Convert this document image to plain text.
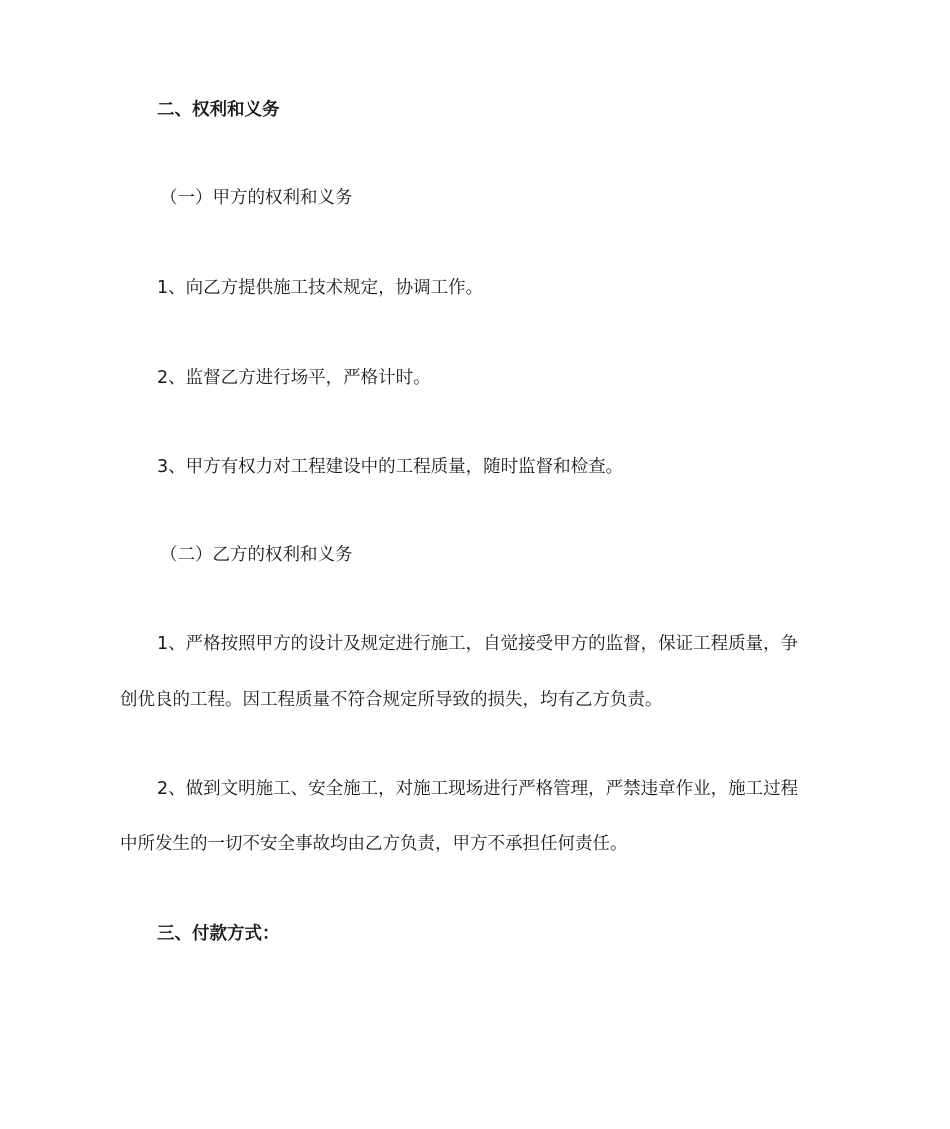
二、权利和义务
（一）甲方的权利和义务
1、向乙方提供施工技术规定，协调工作。
2、监督乙方进行场平，严格计时。
3、甲方有权力对工程建设中的工程质量，随时监督和检查。
（二）乙方的权利和义务
1、严格按照甲方的设计及规定进行施工，自觉接受甲方的监督，保证工程质量，争
创优良的工程。因工程质量不符合规定所导致的损失，均有乙方负责。
2、做到文明施工、安全施工，对施工现场进行严格管理，严禁违章作业，施工过程
中所发生的一切不安全事故均由乙方负责，甲方不承担任何责任。
三、付款方式：
